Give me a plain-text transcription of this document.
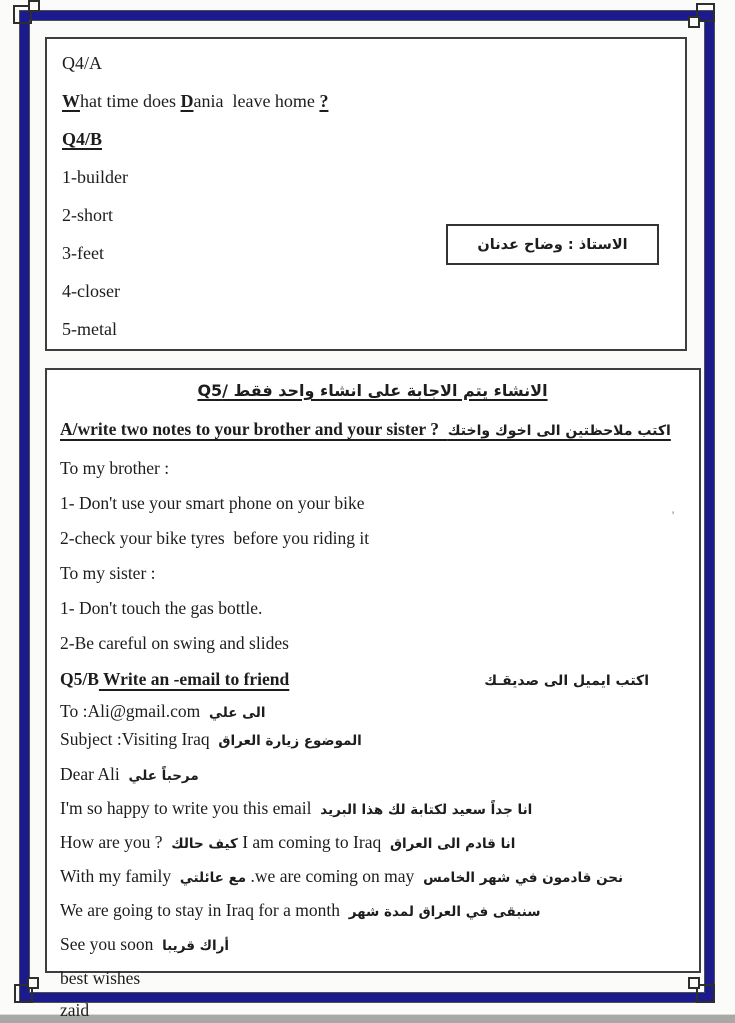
Q4/A

What time does Dania  leave home ?

Q4/B

1-builder

2-short

3-feet

4-closer

5-metal

الاستاذ : وضاح عدنان

الانشاء يتم الاجابة على انشاء واحد فقط /Q5

A/write two notes to your brother and your sister ?  اكتب ملاحظتين الى اخوك واختك

To my brother :

1- Don't use your smart phone on your bike

2-check your bike tyres  before you riding it

To my sister :

1- Don't touch the gas bottle.

2-Be careful on swing and slides

Q5/B Write an -email to friend	اكتب ايميل الى صديقـك

To :Ali@gmail.com  الى علي

Subject :Visiting Iraq  الموضوع زيارة العراق

Dear Ali  مرحباً علي

I'm so happy to write you this email  انا جداً سعيد لكتابة لك هذا البريد

How are you ?  كيف حالك I am coming to Iraq  انا قادم الى العراق

With my family  مع عائلتي .we are coming on may  نحن قادمون في شهر الخامس

We are going to stay in Iraq for a month  سنبقى في العراق لمدة شهر

See you soon  أراك قريبا

best wishes

zaid

'
